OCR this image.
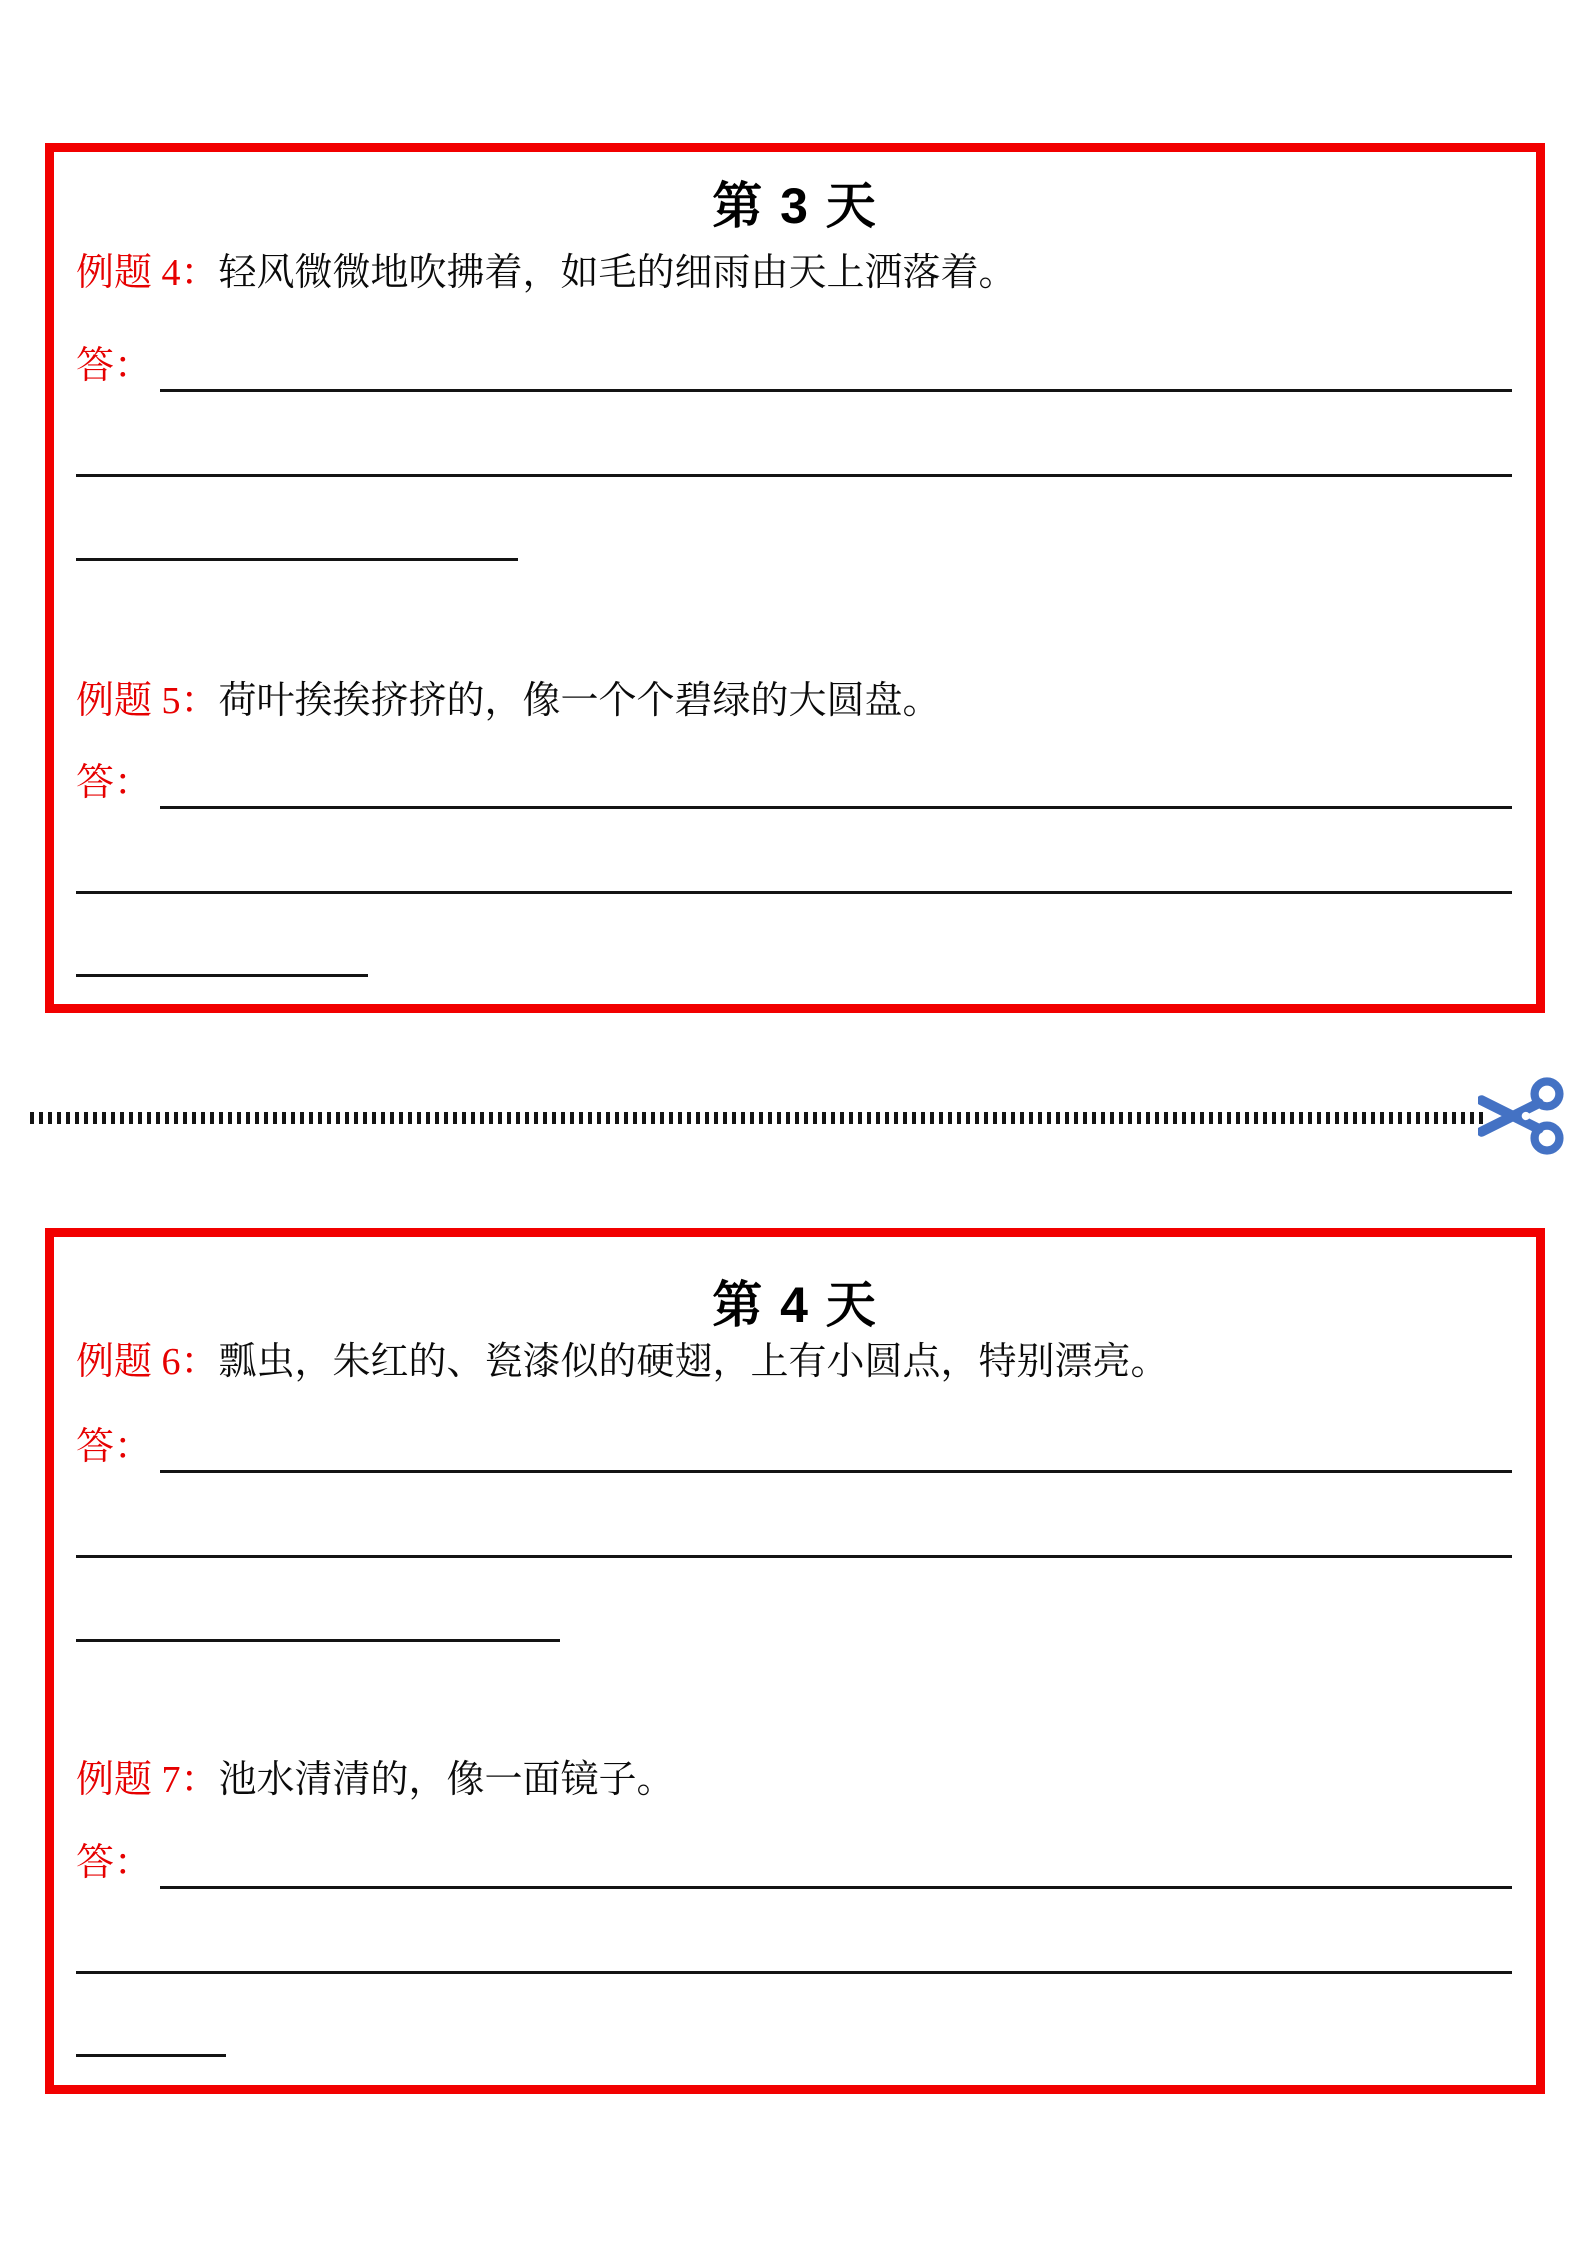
第 3 天
例题 4：轻风微微地吹拂着，如毛的细雨由天上洒落着。
答：
例题 5：荷叶挨挨挤挤的，像一个个碧绿的大圆盘。
答：
第 4 天
例题 6：瓢虫，朱红的、瓷漆似的硬翅，上有小圆点，特别漂亮。
答：
例题 7：池水清清的，像一面镜子。
答：
